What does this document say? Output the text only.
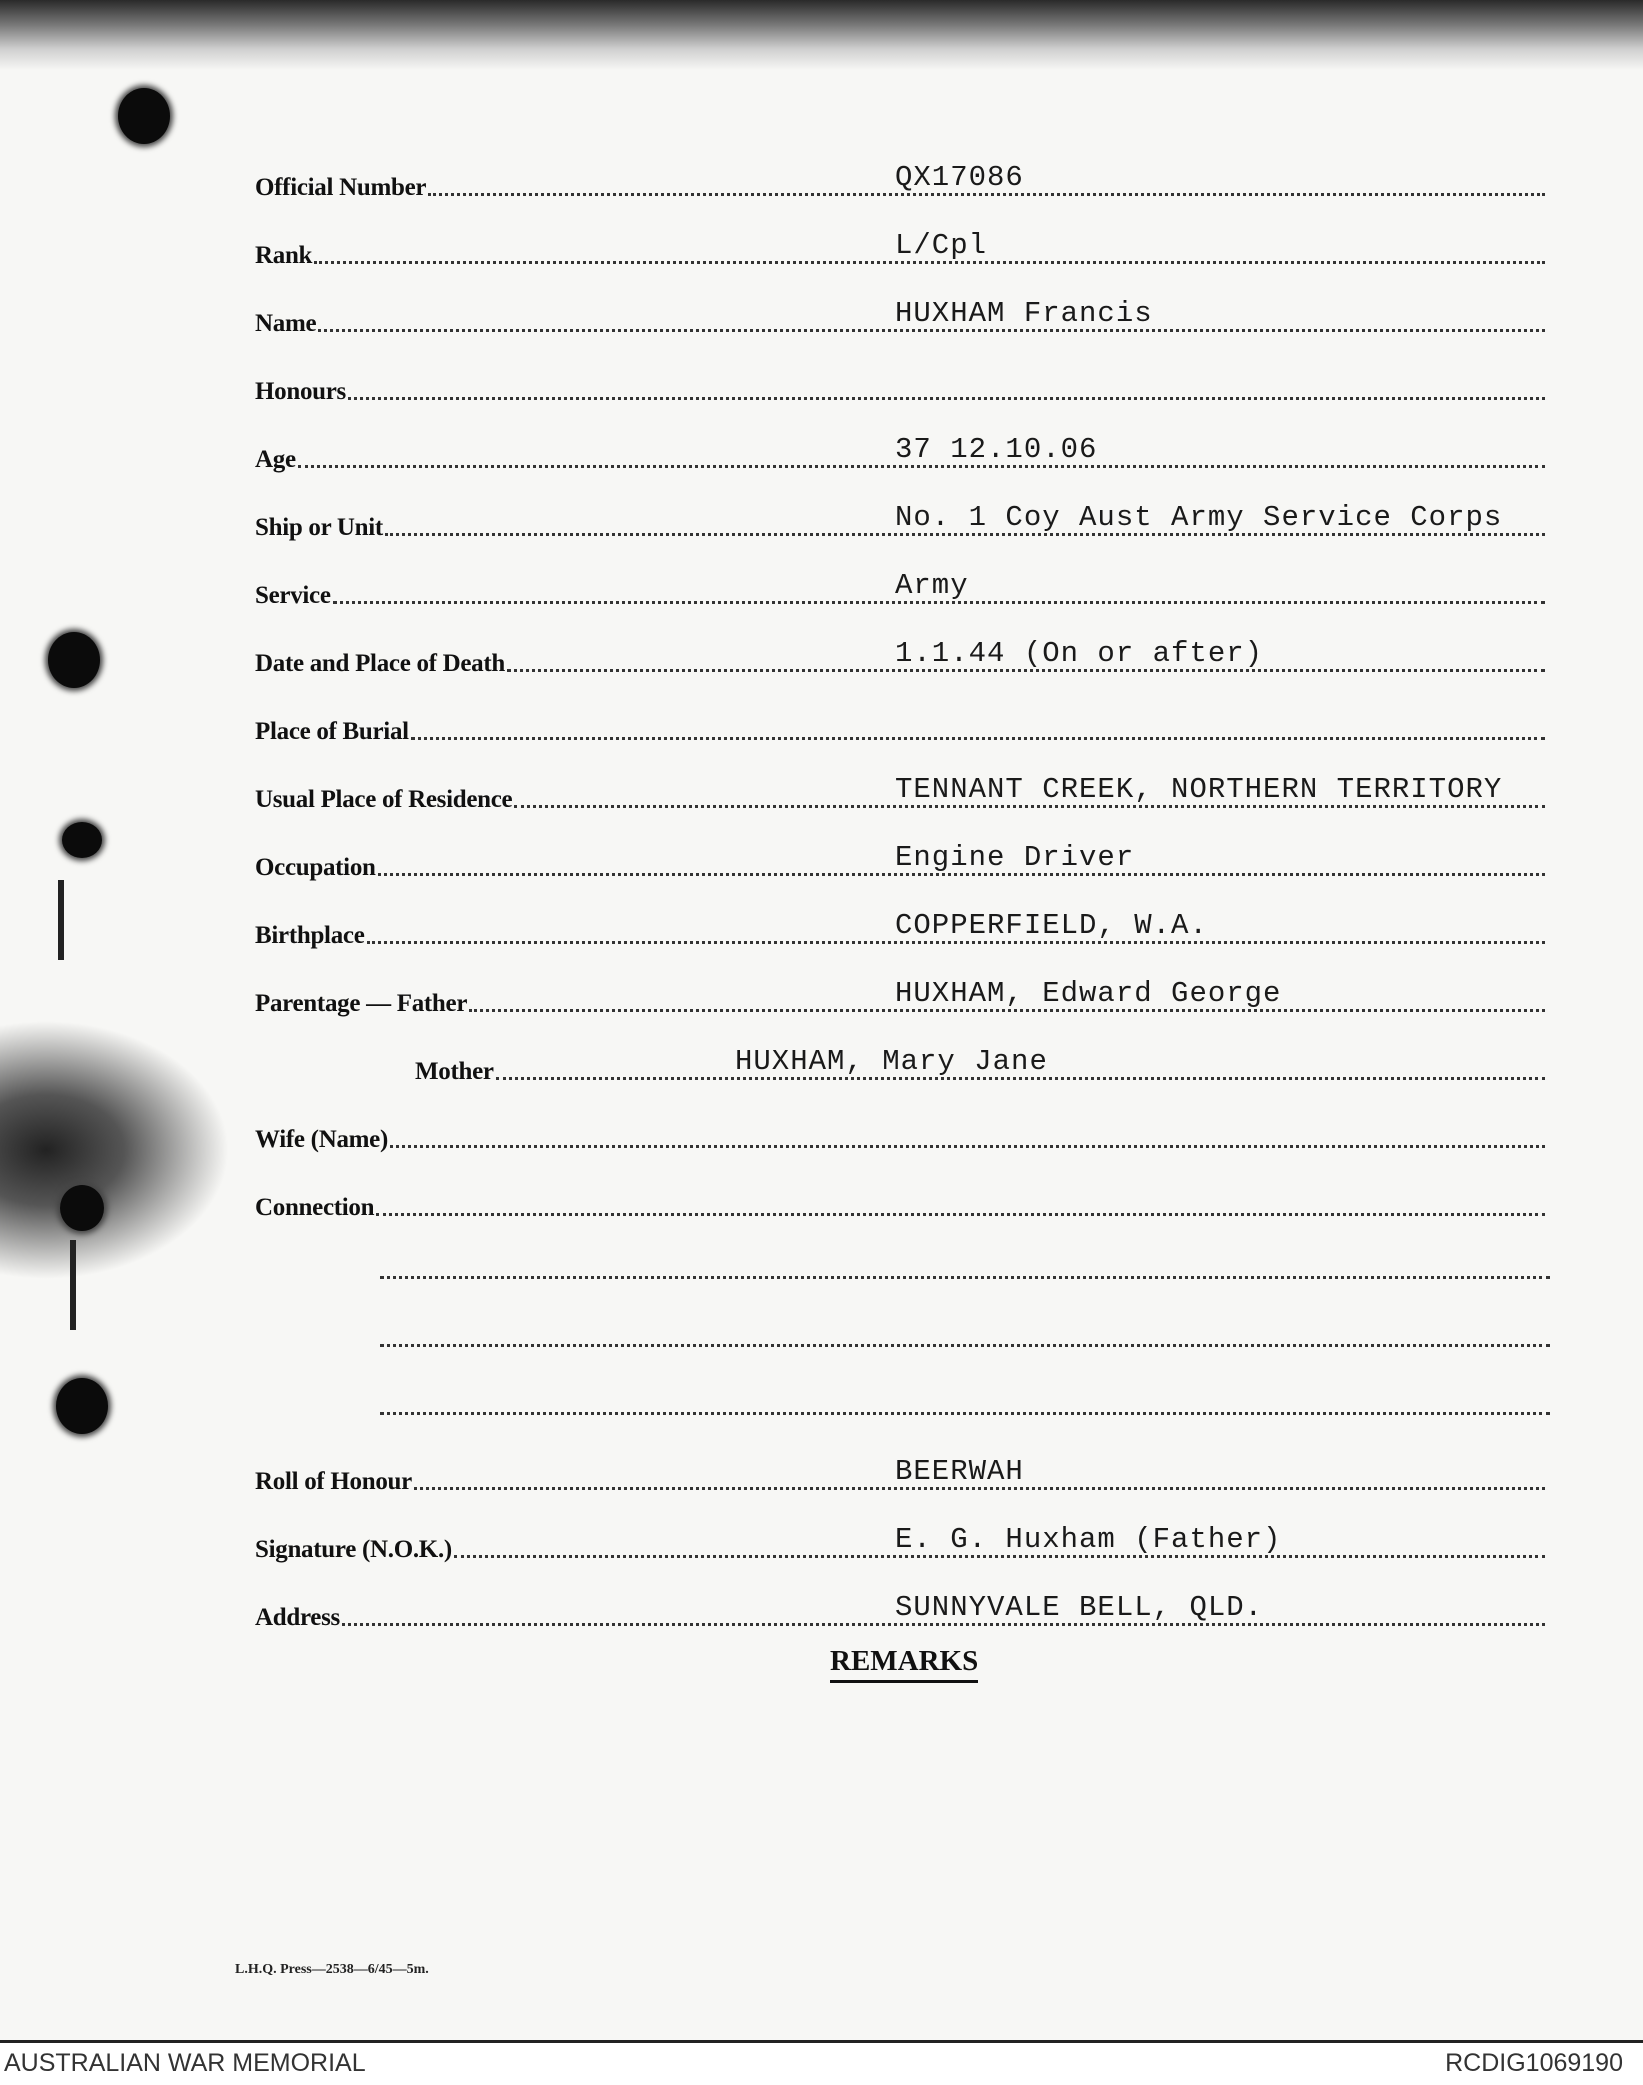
Official Number	QX17086
Rank	L/Cpl
Name	HUXHAM Francis
Honours
Age	37 12.10.06
Ship or Unit	No. 1 Coy Aust Army Service Corps
Service	Army
Date and Place of Death	1.1.44 (On or after)
Place of Burial
Usual Place of Residence	TENNANT CREEK, NORTHERN TERRITORY
Occupation	Engine Driver
Birthplace	COPPERFIELD, W.A.
Parentage — Father	HUXHAM, Edward George
Mother	HUXHAM, Mary Jane
Wife (Name)
Connection
Roll of Honour	BEERWAH
Signature (N.O.K.)	E. G. Huxham (Father)
Address	SUNNYVALE BELL, QLD.
REMARKS
L.H.Q. Press—2538—6/45—5m.
AUSTRALIAN WAR MEMORIAL	RCDIG1069190
